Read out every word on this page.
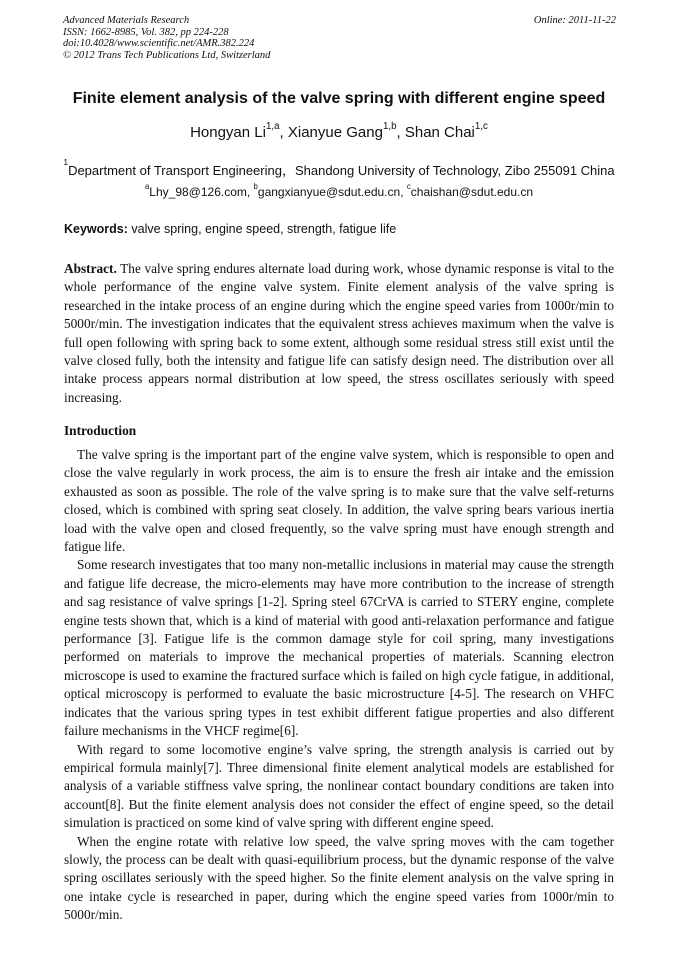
Advanced Materials Research
ISSN: 1662-8985, Vol. 382, pp 224-228
doi:10.4028/www.scientific.net/AMR.382.224
© 2012 Trans Tech Publications Ltd, Switzerland
Online: 2011-11-22
Finite element analysis of the valve spring with different engine speed
Hongyan Li$^{1,a}$, Xianyue Gang$^{1,b}$, Shan Chai$^{1,c}$
$^1$Department of Transport Engineering，Shandong University of Technology, Zibo 255091 China
$^a$Lhy_98@126.com, $^b$gangxianyue@sdut.edu.cn, $^c$chaishan@sdut.edu.cn
Keywords: valve spring, engine speed, strength, fatigue life
Abstract. The valve spring endures alternate load during work, whose dynamic response is vital to the whole performance of the engine valve system. Finite element analysis of the valve spring is researched in the intake process of an engine during which the engine speed varies from 1000r/min to 5000r/min. The investigation indicates that the equivalent stress achieves maximum when the valve is full open following with spring back to some extent, although some residual stress still exist until the valve closed fully, both the intensity and fatigue life can satisfy design need. The distribution over all intake process appears normal distribution at low speed, the stress oscillates seriously with speed increasing.
Introduction

The valve spring is the important part of the engine valve system, which is responsible to open and close the valve regularly in work process, the aim is to ensure the fresh air intake and the emission exhausted as soon as possible. The role of the valve spring is to make sure that the valve self-returns closed, which is combined with spring seat closely. In addition, the valve spring bears various inertia load with the valve open and closed frequently, so the valve spring must have enough strength and fatigue life.

Some research investigates that too many non-metallic inclusions in material may cause the strength and fatigue life decrease, the micro-elements may have more contribution to the increase of strength and sag resistance of valve springs [1-2]. Spring steel 67CrVA is carried to STERY engine, complete engine tests shown that, which is a kind of material with good anti-relaxation performance and fatigue performance [3]. Fatigue life is the common damage style for coil spring, many investigations performed on materials to improve the mechanical properties of materials. Scanning electron microscope is used to examine the fractured surface which is failed on high cycle fatigue, in additional, optical microscopy is performed to evaluate the basic microstructure [4-5]. The research on VHFC indicates that the various spring types in test exhibit different fatigue properties and also different failure mechanisms in the VHCF regime[6].

With regard to some locomotive engine’s valve spring, the strength analysis is carried out by empirical formula mainly[7]. Three dimensional finite element analytical models are established for analysis of a variable stiffness valve spring, the nonlinear contact boundary conditions are taken into account[8]. But the finite element analysis does not consider the effect of engine speed, so the detail simulation is practiced on some kind of valve spring with different engine speed.

When the engine rotate with relative low speed, the valve spring moves with the cam together slowly, the process can be dealt with quasi-equilibrium process, but the dynamic response of the valve spring oscillates seriously with the speed higher. So the finite element analysis on the valve spring in one intake cycle is researched in paper, during which the engine speed varies from 1000r/min to 5000r/min.
